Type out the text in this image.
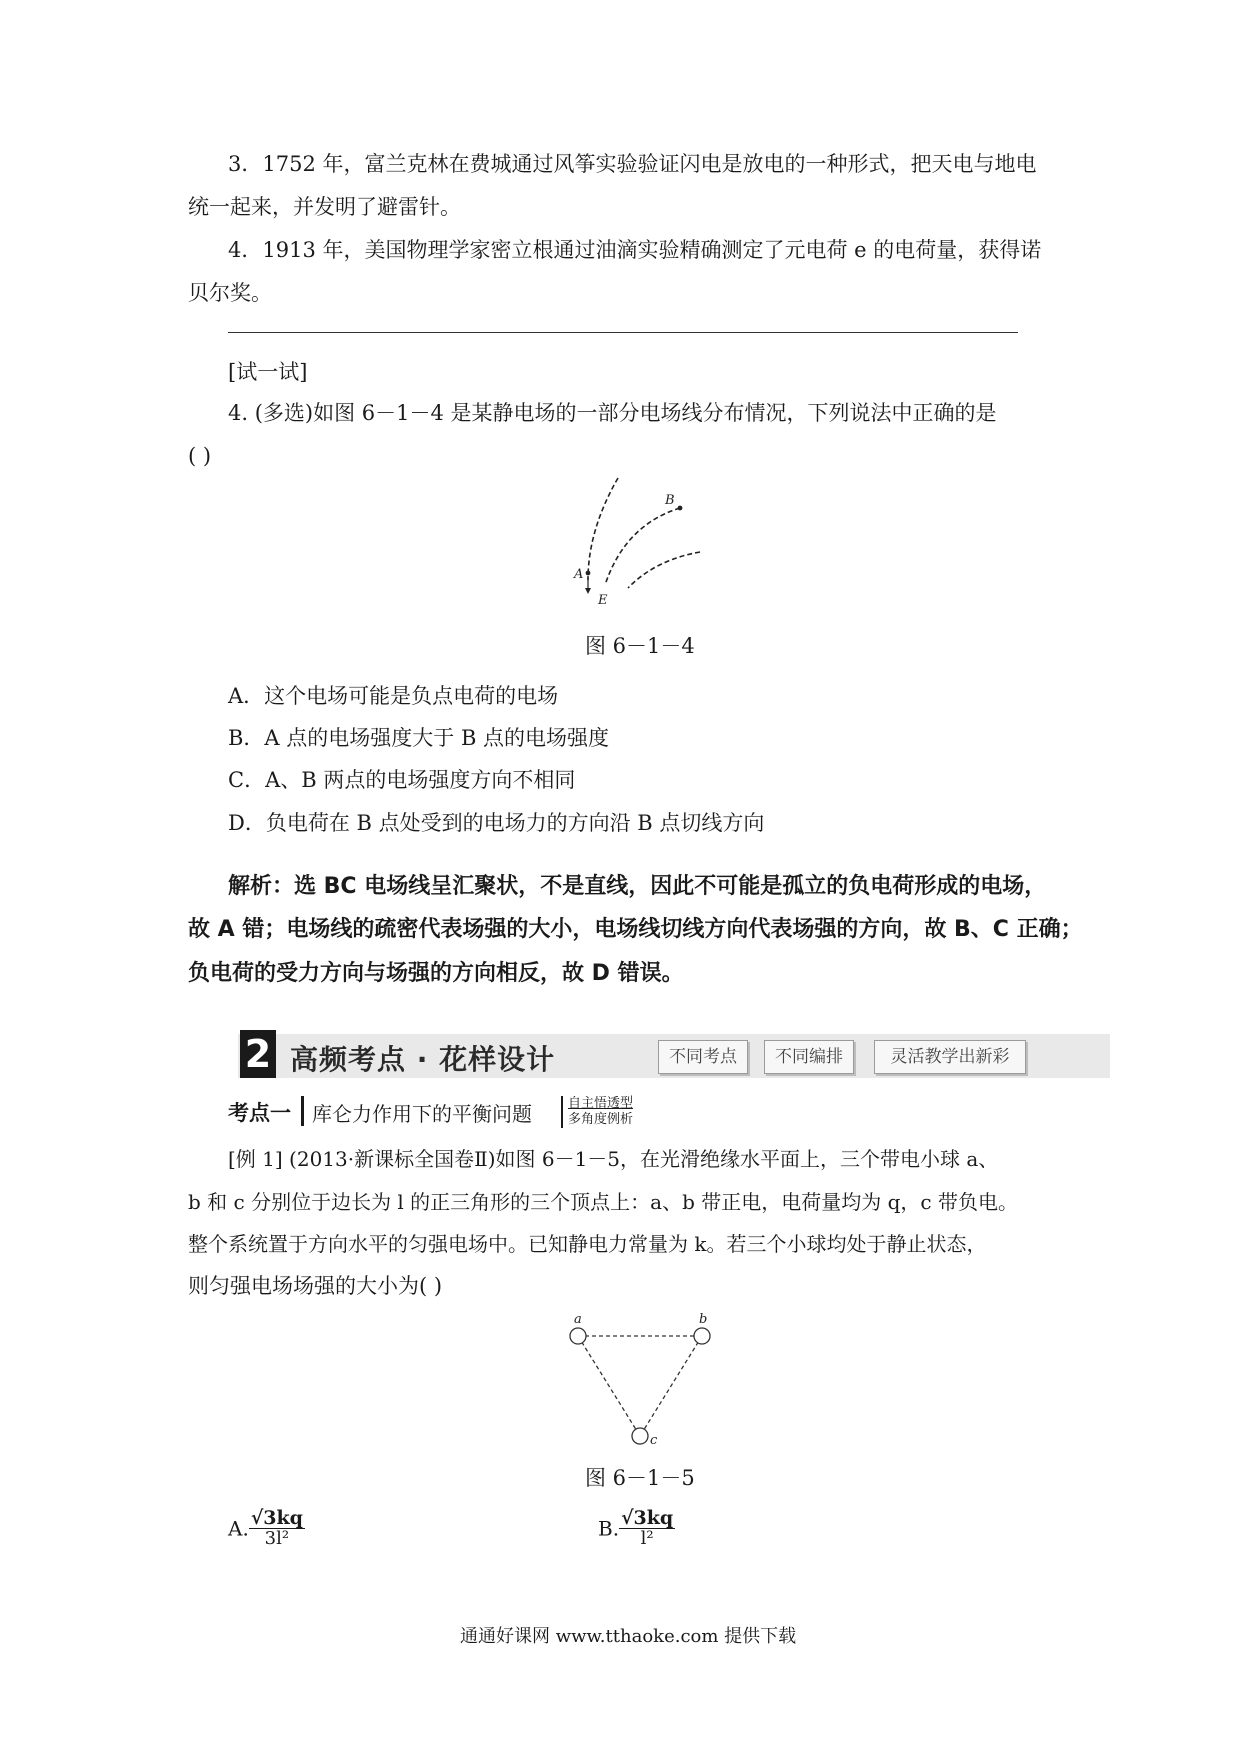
3．1752 年，富兰克林在费城通过风筝实验验证闪电是放电的一种形式，把天电与地电
统一起来，并发明了避雷针。
4．1913 年，美国物理学家密立根通过油滴实验精确测定了元电荷 e 的电荷量，获得诺
贝尔奖。
[试一试]
4. (多选)如图 6－1－4 是某静电场的一部分电场线分布情况，下列说法中正确的是
( )
A
B
E
图 6－1－4
A．这个电场可能是负点电荷的电场
B．A 点的电场强度大于 B 点的电场强度
C．A、B 两点的电场强度方向不相同
D．负电荷在 B 点处受到的电场力的方向沿 B 点切线方向
解析：选 BC 电场线呈汇聚状，不是直线，因此不可能是孤立的负电荷形成的电场，
故 A 错；电场线的疏密代表场强的大小，电场线切线方向代表场强的方向，故 B、C 正确；
负电荷的受力方向与场强的方向相反，故 D 错误。
2 高频考点 · 花样设计	不同考点	不同编排	灵活教学出新彩
考点一 库仑力作用下的平衡问题	自主悟透型
多角度例析
[例 1] (2013·新课标全国卷Ⅱ)如图 6－1－5，在光滑绝缘水平面上，三个带电小球 a、
b 和 c 分别位于边长为 l 的正三角形的三个顶点上：a、b 带正电，电荷量均为 q，c 带负电。
整个系统置于方向水平的匀强电场中。已知静电力常量为 k。若三个小球均处于静止状态，
则匀强电场场强的大小为( )
a	b
c
图 6－1－5
A. $\frac{√3kq}{\text{3l²}}$	B. $\frac{√3kq}{\text{l²}}$
通通好课网 www.tthaoke.com 提供下载
